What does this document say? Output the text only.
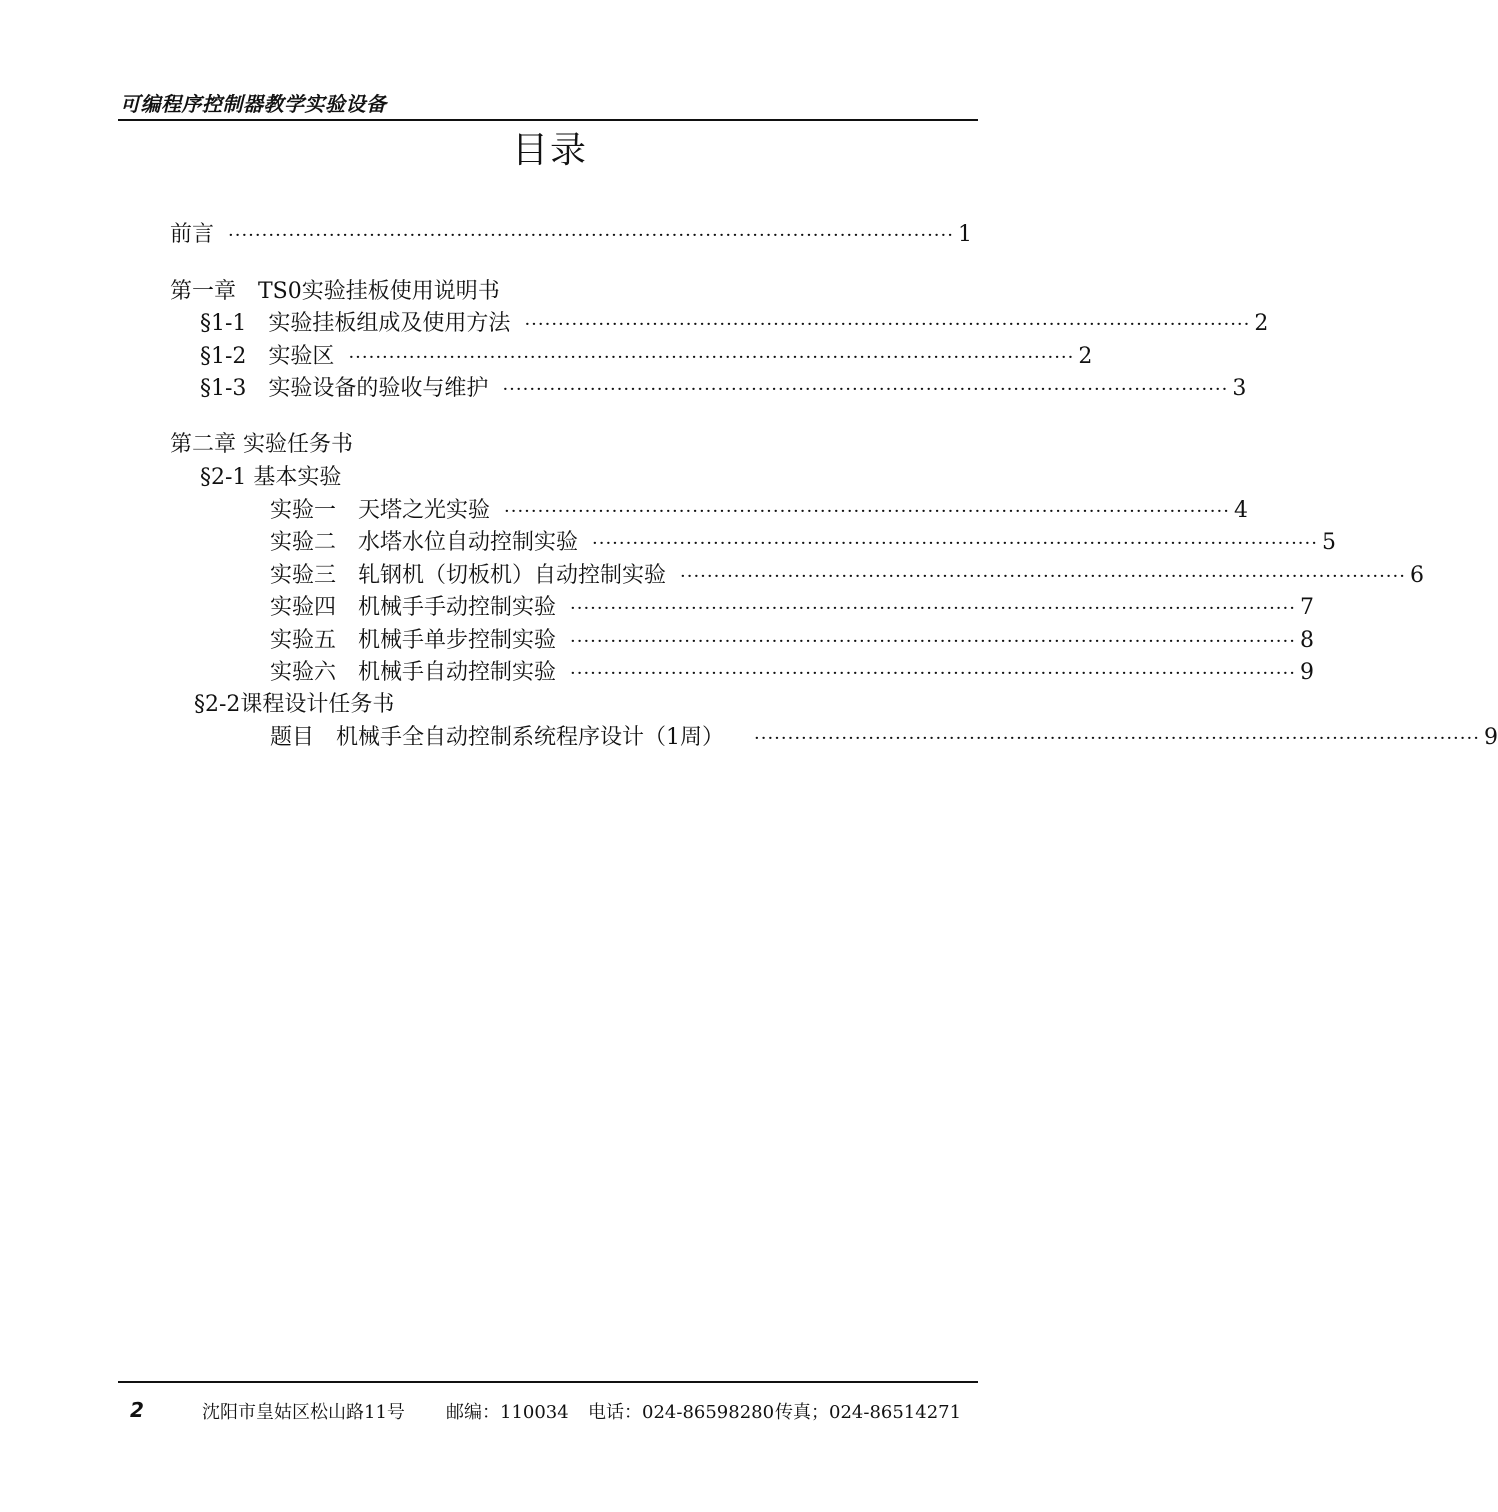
可编程序控制器教学实验设备
目录
前言 ············································································································ 1
第一章　TS0实验挂板使用说明书
§1-1　实验挂板组成及使用方法 ············································································································ 2
§1-2　实验区 ············································································································ 2
§1-3　实验设备的验收与维护 ············································································································ 3
第二章 实验任务书
§2-1 基本实验
实验一　天塔之光实验 ············································································································ 4
实验二　水塔水位自动控制实验 ············································································································ 5
实验三　轧钢机（切板机）自动控制实验 ············································································································ 6
实验四　机械手手动控制实验 ············································································································ 7
实验五　机械手单步控制实验 ············································································································ 8
实验六　机械手自动控制实验 ············································································································ 9
§2-2课程设计任务书
题目　机械手全自动控制系统程序设计（1周） ············································································································ 9
2	沈阳市皇姑区松山路11号 邮编：110034 电话：024-86598280 传真；024-86514271
